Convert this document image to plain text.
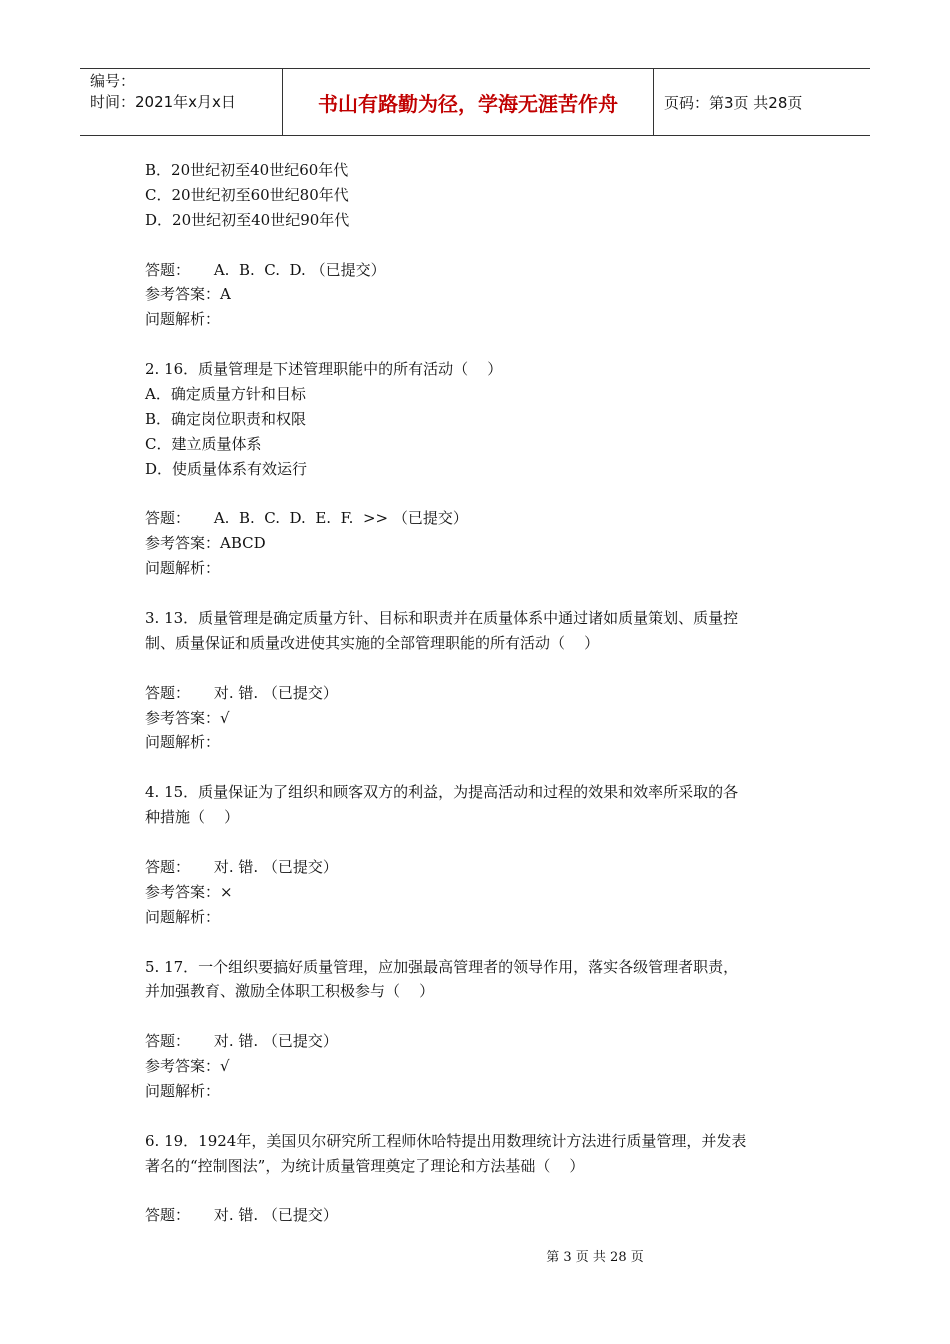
编号：
时间：2021年x月x日	书山有路勤为径，学海无涯苦作舟	页码：第3页 共28页
B．20世纪初至40世纪60年代
C．20世纪初至60世纪80年代
D．20世纪初至40世纪90年代
答题：     A.  B.  C.  D. （已提交）
参考答案：A
问题解析：
2. 16．质量管理是下述管理职能中的所有活动（    ）
A．确定质量方针和目标
B．确定岗位职责和权限
C．建立质量体系
D．使质量体系有效运行
答题：     A.  B.  C.  D.  E.  F.  >> （已提交）
参考答案：ABCD
问题解析：
3. 13．质量管理是确定质量方针、目标和职责并在质量体系中通过诸如质量策划、质量控
制、质量保证和质量改进使其实施的全部管理职能的所有活动（    ）
答题：     对. 错. （已提交）
参考答案：√
问题解析：
4. 15．质量保证为了组织和顾客双方的利益，为提高活动和过程的效果和效率所采取的各
种措施（    ）
答题：     对. 错. （已提交）
参考答案：×
问题解析：
5. 17．一个组织要搞好质量管理，应加强最高管理者的领导作用，落实各级管理者职责，
并加强教育、激励全体职工积极参与（    ）
答题：     对. 错. （已提交）
参考答案：√
问题解析：
6. 19．1924年，美国贝尔研究所工程师休哈特提出用数理统计方法进行质量管理，并发表
著名的“控制图法”，为统计质量管理奠定了理论和方法基础（    ）
答题：     对. 错. （已提交）
第 3 页 共 28 页
